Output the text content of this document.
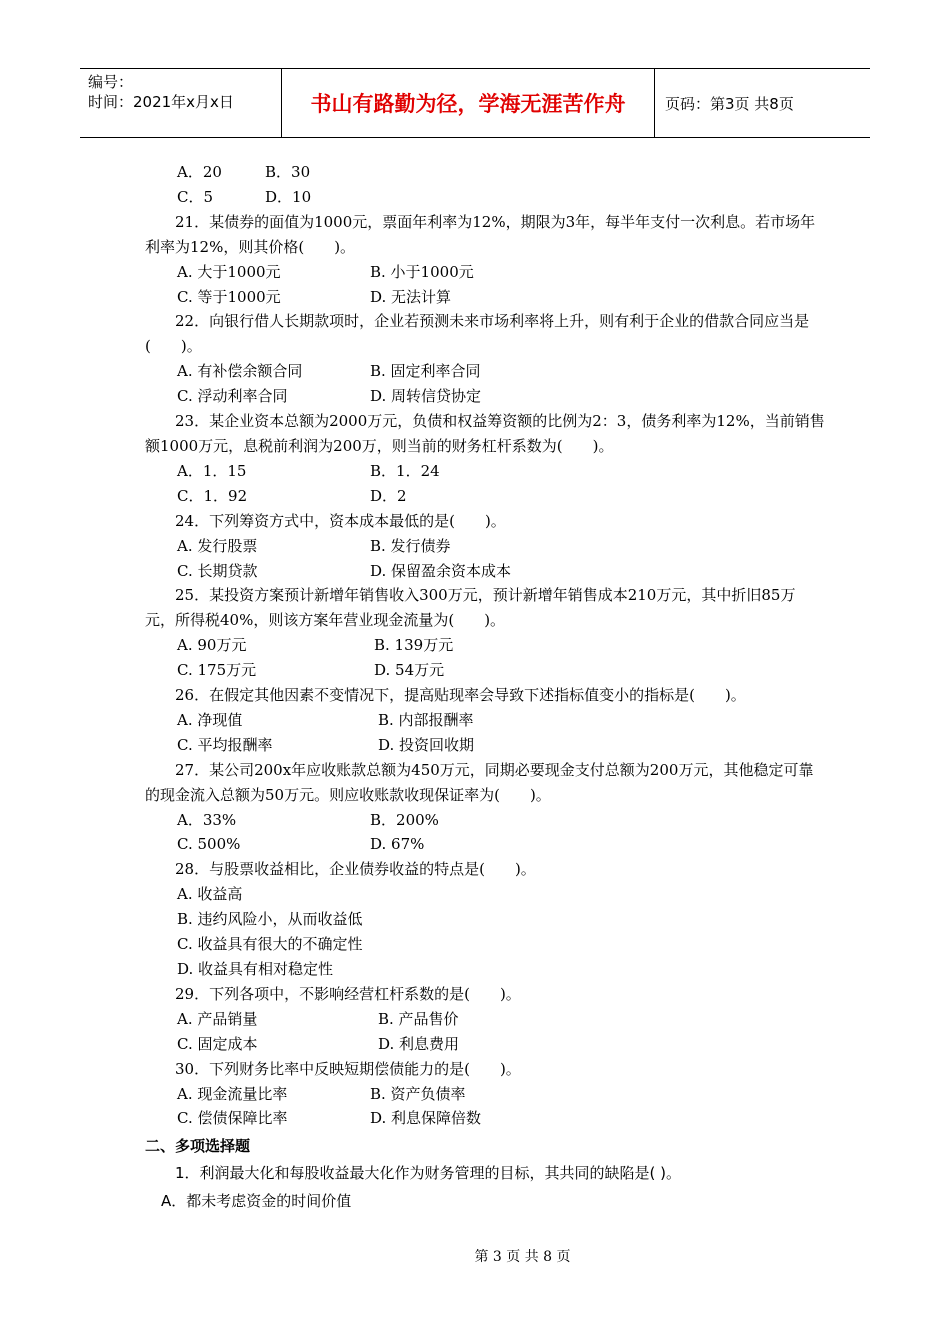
编号：
时间：2021年x月x日	书山有路勤为径，学海无涯苦作舟	页码：第3页 共8页
A．20	B．30
C．5	D．10
21．某债券的面值为1000元，票面年利率为12%，期限为3年，每半年支付一次利息。若市场年利率为12%，则其价格(　　)。
A. 大于1000元	B. 小于1000元
C. 等于1000元	D. 无法计算
22．向银行借人长期款项时，企业若预测未来市场利率将上升，则有利于企业的借款合同应当是(　　)。
A. 有补偿余额合同	B. 固定利率合同
C. 浮动利率合同	D. 周转信贷协定
23．某企业资本总额为2000万元，负债和权益筹资额的比例为2：3，债务利率为12%，当前销售额1000万元，息税前利润为200万，则当前的财务杠杆系数为(　　)。
A．1．15	B．1．24
C．1．92	D．2
24．下列筹资方式中，资本成本最低的是(　　)。
A. 发行股票	B. 发行债券
C. 长期贷款	D. 保留盈余资本成本
25．某投资方案预计新增年销售收入300万元，预计新增年销售成本210万元，其中折旧85万元，所得税40%，则该方案年营业现金流量为(　　)。
A. 90万元	B. 139万元
C. 175万元	D. 54万元
26．在假定其他因素不变情况下，提高贴现率会导致下述指标值变小的指标是(　　)。
A. 净现值	B. 内部报酬率
C. 平均报酬率	D. 投资回收期
27．某公司200x年应收账款总额为450万元，同期必要现金支付总额为200万元，其他稳定可靠的现金流入总额为50万元。则应收账款收现保证率为(　　)。
A．33%	B．200%
C. 500%	D. 67%
28．与股票收益相比，企业债券收益的特点是(　　)。
A. 收益高
B. 违约风险小，从而收益低
C. 收益具有很大的不确定性
D. 收益具有相对稳定性
29．下列各项中，不影响经营杠杆系数的是(　　)。
A. 产品销量	B. 产品售价
C. 固定成本	D. 利息费用
30．下列财务比率中反映短期偿债能力的是(　　)。
A. 现金流量比率	B. 资产负债率
C. 偿债保障比率	D. 利息保障倍数
二、多项选择题
1．利润最大化和每股收益最大化作为财务管理的目标，其共同的缺陷是( )。
A．都未考虑资金的时间价值
第 3 页 共 8 页
